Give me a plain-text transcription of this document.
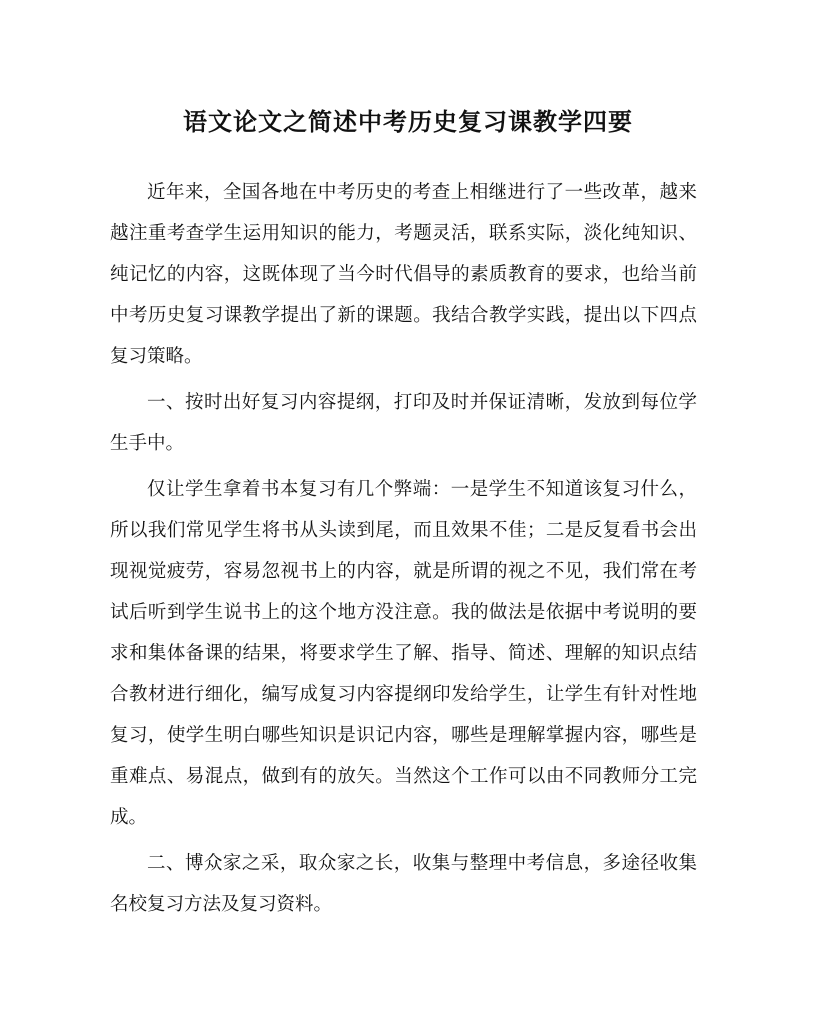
语文论文之简述中考历史复习课教学四要

近年来，全国各地在中考历史的考查上相继进行了一些改革，越来越注重考查学生运用知识的能力，考题灵活，联系实际，淡化纯知识、纯记忆的内容，这既体现了当今时代倡导的素质教育的要求，也给当前中考历史复习课教学提出了新的课题。我结合教学实践，提出以下四点复习策略。

一、按时出好复习内容提纲，打印及时并保证清晰，发放到每位学生手中。

仅让学生拿着书本复习有几个弊端：一是学生不知道该复习什么，所以我们常见学生将书从头读到尾，而且效果不佳；二是反复看书会出现视觉疲劳，容易忽视书上的内容，就是所谓的视之不见，我们常在考试后听到学生说书上的这个地方没注意。我的做法是依据中考说明的要求和集体备课的结果，将要求学生了解、指导、简述、理解的知识点结合教材进行细化，编写成复习内容提纲印发给学生，让学生有针对性地复习，使学生明白哪些知识是识记内容，哪些是理解掌握内容，哪些是重难点、易混点，做到有的放矢。当然这个工作可以由不同教师分工完成。

二、博众家之采，取众家之长，收集与整理中考信息，多途径收集名校复习方法及复习资料。
